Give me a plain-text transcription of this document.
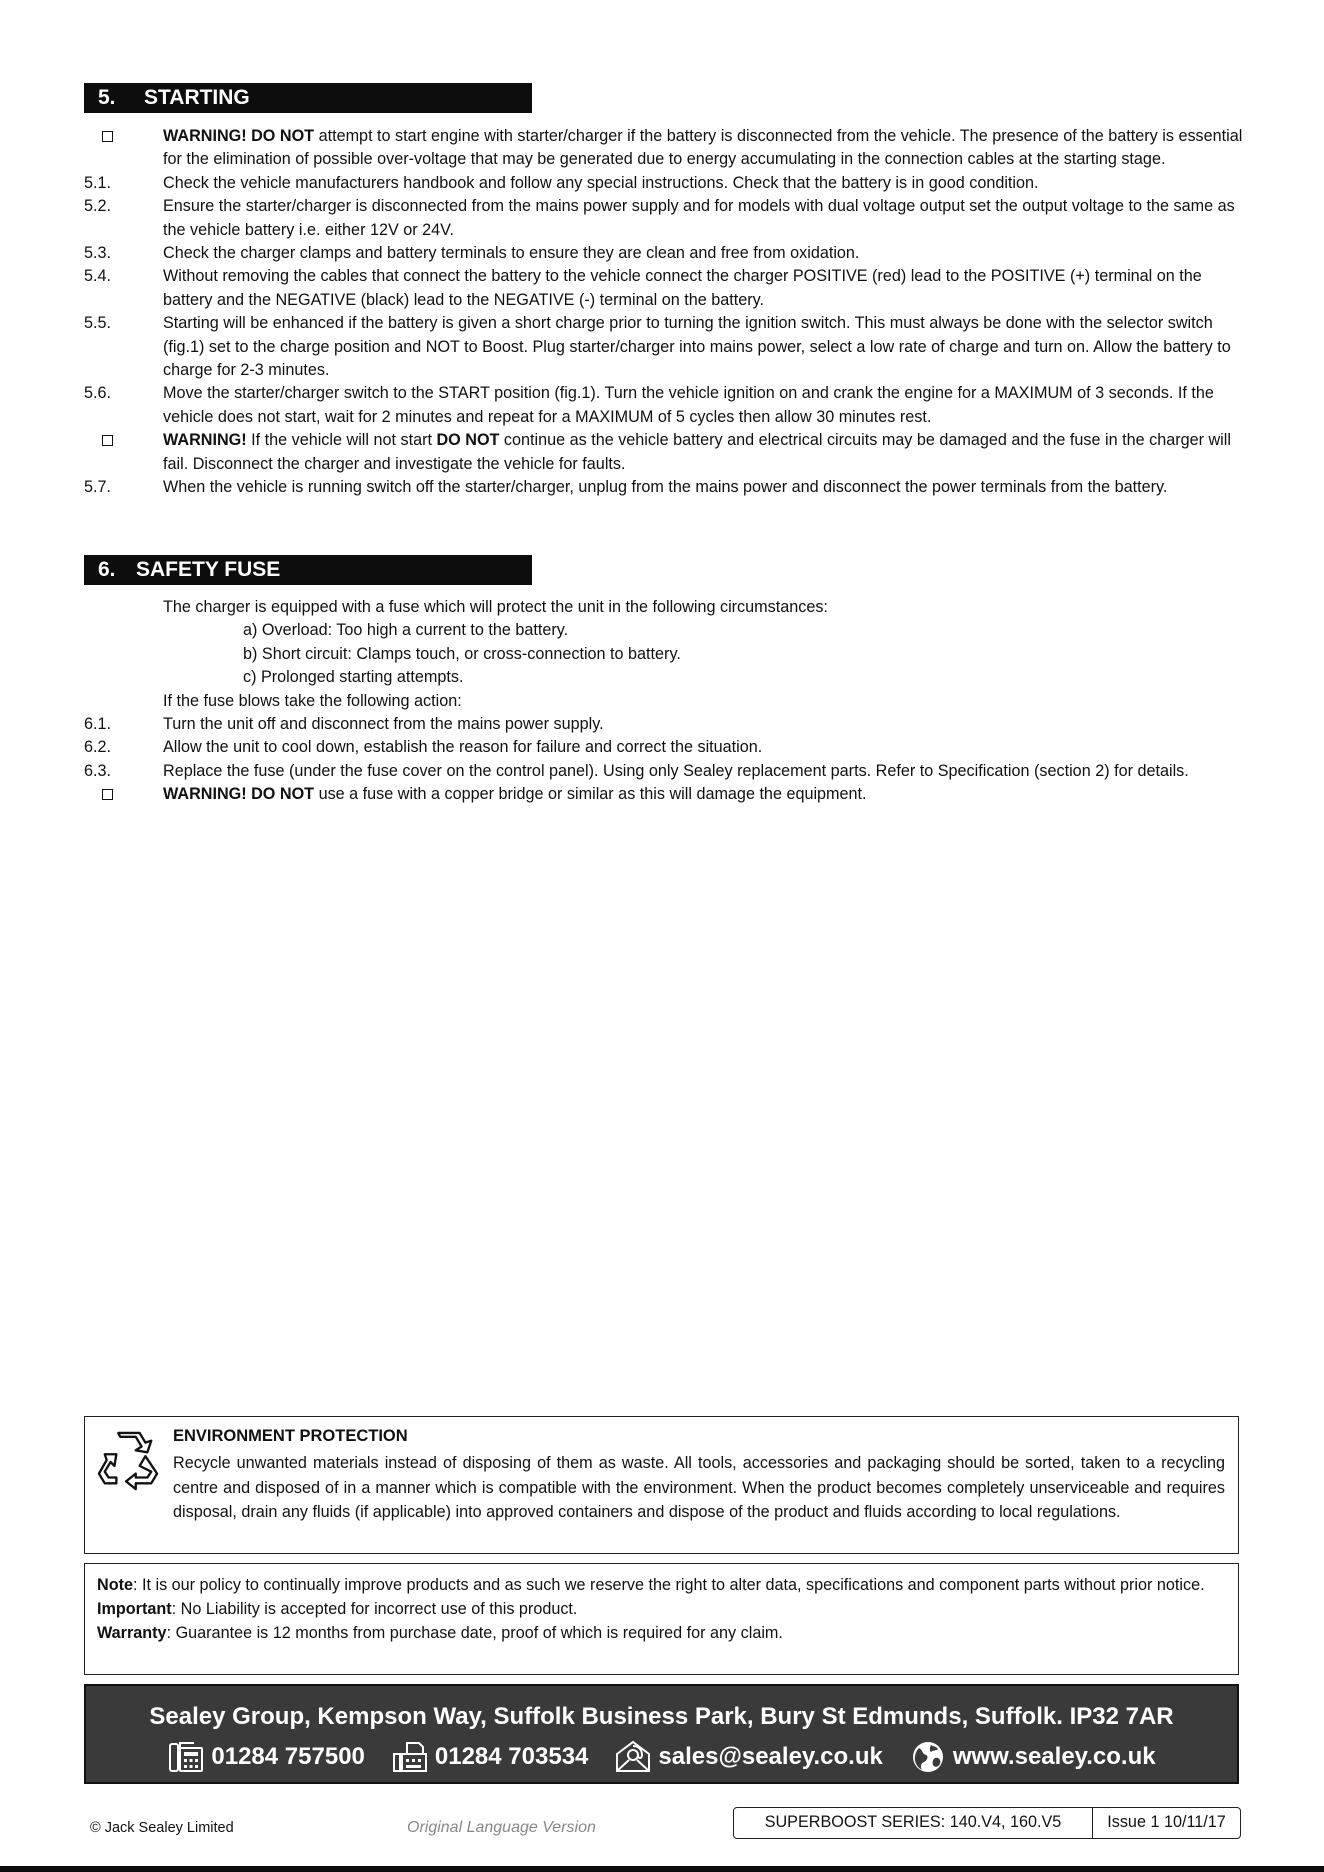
5. STARTING
WARNING! DO NOT attempt to start engine with starter/charger if the battery is disconnected from the vehicle. The presence of the battery is essential for the elimination of possible over-voltage that may be generated due to energy accumulating in the connection cables at the starting stage.
5.1.	Check the vehicle manufacturers handbook and follow any special instructions. Check that the battery is in good condition.
5.2.	Ensure the starter/charger is disconnected from the mains power supply and for models with dual voltage output set the output voltage to the same as the vehicle battery i.e. either 12V or 24V.
5.3.	Check the charger clamps and battery terminals to ensure they are clean and free from oxidation.
5.4.	Without removing the cables that connect the battery to the vehicle connect the charger POSITIVE (red) lead to the POSITIVE (+) terminal on the battery and the NEGATIVE (black) lead to the NEGATIVE (-) terminal on the battery.
5.5.	Starting will be enhanced if the battery is given a short charge prior to turning the ignition switch. This must always be done with the selector switch (fig.1) set to the charge position and NOT to Boost. Plug starter/charger into mains power, select a low rate of charge and turn on. Allow the battery to charge for 2-3 minutes.
5.6.	Move the starter/charger switch to the START position (fig.1). Turn the vehicle ignition on and crank the engine for a MAXIMUM of 3 seconds. If the vehicle does not start, wait for 2 minutes and repeat for a MAXIMUM of 5 cycles then allow 30 minutes rest.
WARNING! If the vehicle will not start DO NOT continue as the vehicle battery and electrical circuits may be damaged and the fuse in the charger will fail. Disconnect the charger and investigate the vehicle for faults.
5.7.	When the vehicle is running switch off the starter/charger, unplug from the mains power and disconnect the power terminals from the battery.
6. SAFETY FUSE
The charger is equipped with a fuse which will protect the unit in the following circumstances:
a) Overload: Too high a current to the battery.
b) Short circuit: Clamps touch, or cross-connection to battery.
c) Prolonged starting attempts.
If the fuse blows take the following action:
6.1.	Turn the unit off and disconnect from the mains power supply.
6.2.	Allow the unit to cool down, establish the reason for failure and correct the situation.
6.3.	Replace the fuse (under the fuse cover on the control panel). Using only Sealey replacement parts. Refer to Specification (section 2) for details.
WARNING! DO NOT use a fuse with a copper bridge or similar as this will damage the equipment.
ENVIRONMENT PROTECTION
Recycle unwanted materials instead of disposing of them as waste. All tools, accessories and packaging should be sorted, taken to a recycling centre and disposed of in a manner which is compatible with the environment. When the product becomes completely unserviceable and requires disposal, drain any fluids (if applicable) into approved containers and dispose of the product and fluids according to local regulations.
Note: It is our policy to continually improve products and as such we reserve the right to alter data, specifications and component parts without prior notice.
Important: No Liability is accepted for incorrect use of this product.
Warranty: Guarantee is 12 months from purchase date, proof of which is required for any claim.
Sealey Group, Kempson Way, Suffolk Business Park, Bury St Edmunds, Suffolk. IP32 7AR
01284 757500	01284 703534	sales@sealey.co.uk	www.sealey.co.uk
© Jack Sealey Limited	Original Language Version	SUPERBOOST SERIES: 140.V4, 160.V5	Issue 1 10/11/17
